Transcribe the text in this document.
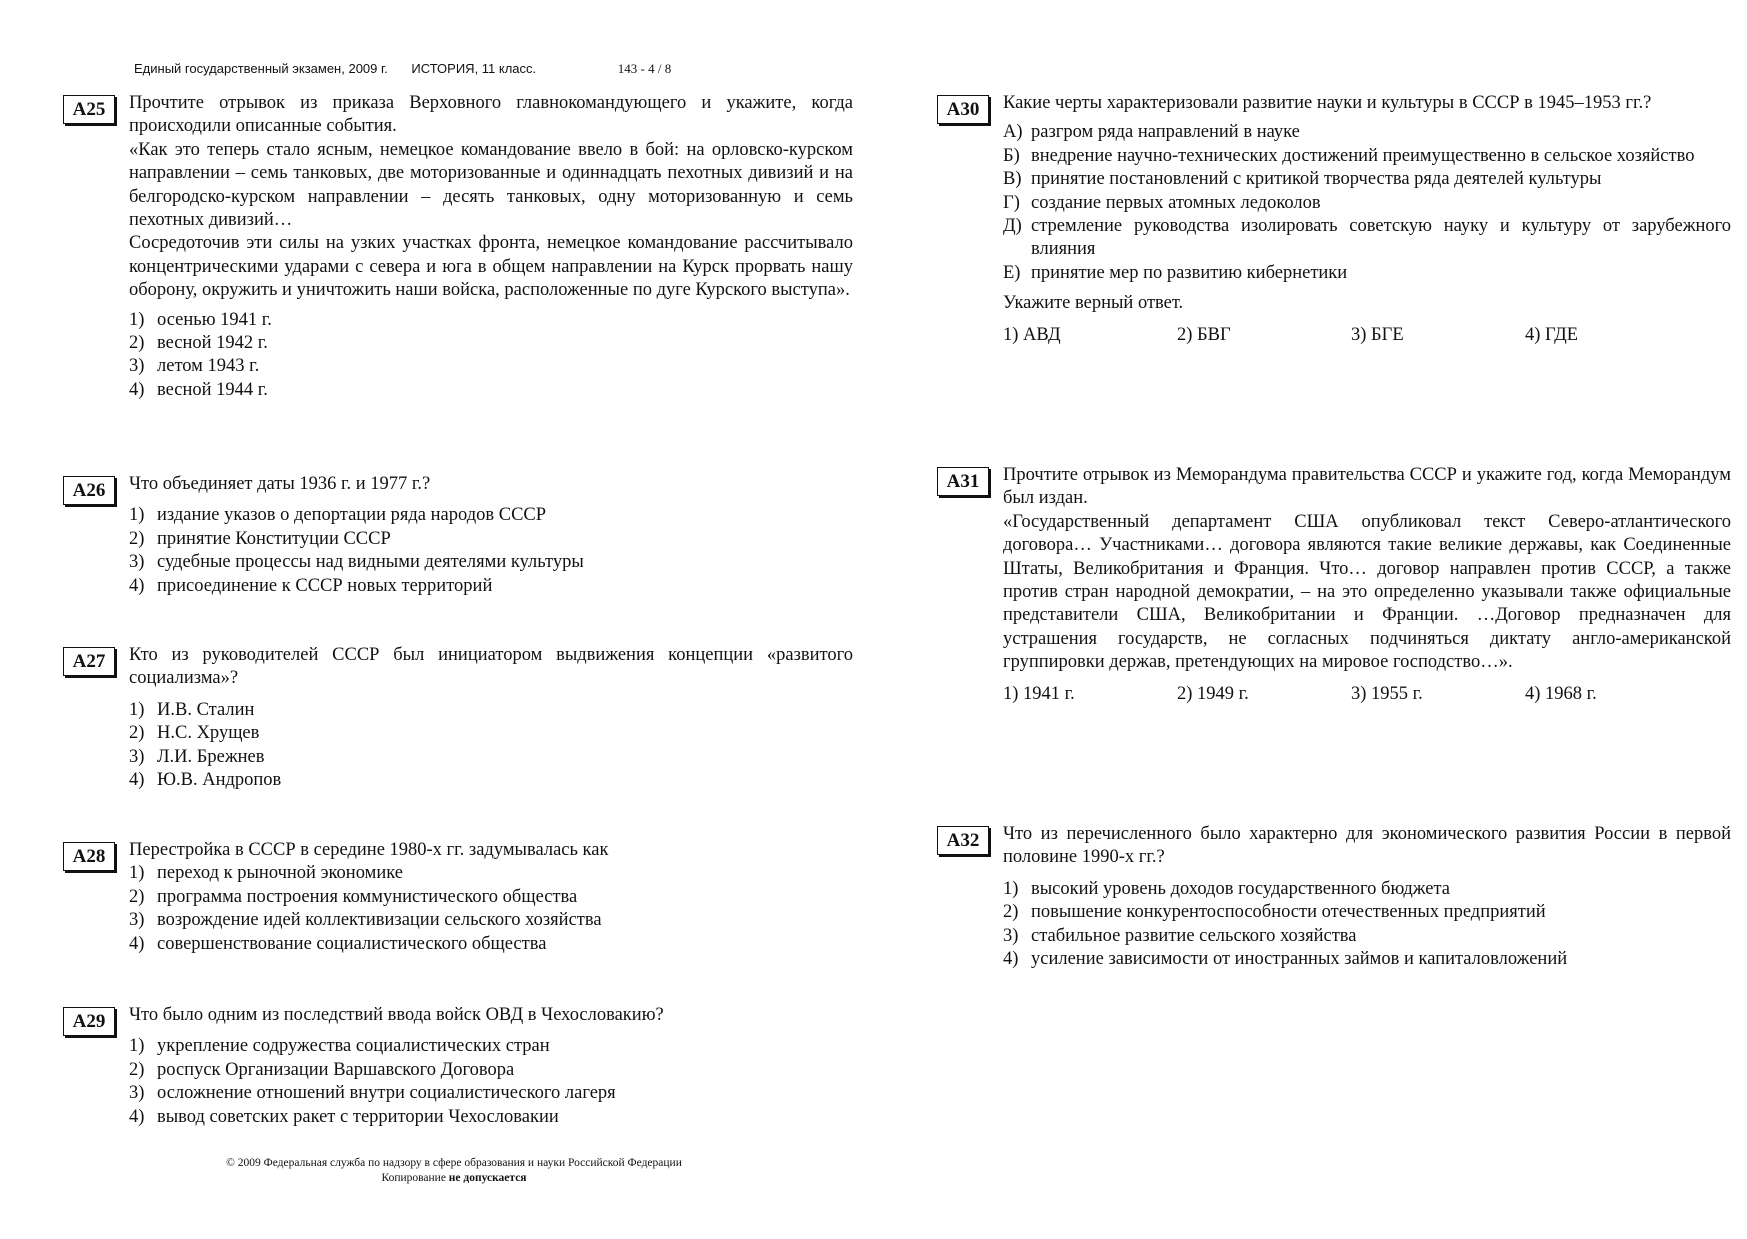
Единый государственный экзамен, 2009 г. ИСТОРИЯ, 11 класс.	143 - 4 / 8
А25	Прочтите отрывок из приказа Верховного главнокомандующего и укажите, когда происходили описанные события.

«Как это теперь стало ясным, немецкое командование ввело в бой: на орловско-курском направлении – семь танковых, две моторизованные и одиннадцать пехотных дивизий и на белгородско-курском направлении – десять танковых, одну моторизованную и семь пехотных дивизий…

Сосредоточив эти силы на узких участках фронта, немецкое командование рассчитывало концентрическими ударами с севера и юга в общем направлении на Курск прорвать нашу оборону, окружить и уничтожить наши войска, расположенные по дуге Курского выступа».

1) осенью 1941 г.
2) весной 1942 г.
3) летом 1943 г.
4) весной 1944 г.
А26	Что объединяет даты 1936 г. и 1977 г.?

1) издание указов о депортации ряда народов СССР
2) принятие Конституции СССР
3) судебные процессы над видными деятелями культуры
4) присоединение к СССР новых территорий
А27	Кто из руководителей СССР был инициатором выдвижения концепции «развитого социализма»?

1) И.В. Сталин
2) Н.С. Хрущев
3) Л.И. Брежнев
4) Ю.В. Андропов
А28	Перестройка в СССР в середине 1980-х гг. задумывалась как

1) переход к рыночной экономике
2) программа построения коммунистического общества
3) возрождение идей коллективизации сельского хозяйства
4) совершенствование социалистического общества
А29	Что было одним из последствий ввода войск ОВД в Чехословакию?

1) укрепление содружества социалистических стран
2) роспуск Организации Варшавского Договора
3) осложнение отношений внутри социалистического лагеря
4) вывод советских ракет с территории Чехословакии
А30	Какие черты характеризовали развитие науки и культуры в СССР в 1945–1953 гг.?

А) разгром ряда направлений в науке
Б) внедрение научно-технических достижений преимущественно в сельское хозяйство
В) принятие постановлений с критикой творчества ряда деятелей культуры
Г) создание первых атомных ледоколов
Д) стремление руководства изолировать советскую науку и культуру от зарубежного влияния
Е) принятие мер по развитию кибернетики

Укажите верный ответ.

1) АВД	2) БВГ	3) БГЕ	4) ГДЕ
А31	Прочтите отрывок из Меморандума правительства СССР и укажите год, когда Меморандум был издан.

«Государственный департамент США опубликовал текст Северо-атлантического договора… Участниками… договора являются такие великие державы, как Соединенные Штаты, Великобритания и Франция. Что… договор направлен против СССР, а также против стран народной демократии, – на это определенно указывали также официальные представители США, Великобритании и Франции. …Договор предназначен для устрашения государств, не согласных подчиняться диктату англо-американской группировки держав, претендующих на мировое господство…».

1) 1941 г.	2) 1949 г.	3) 1955 г.	4) 1968 г.
А32	Что из перечисленного было характерно для экономического развития России в первой половине 1990-х гг.?

1) высокий уровень доходов государственного бюджета
2) повышение конкурентоспособности отечественных предприятий
3) стабильное развитие сельского хозяйства
4) усиление зависимости от иностранных займов и капиталовложений
© 2009 Федеральная служба по надзору в сфере образования и науки Российской Федерации
Копирование не допускается
